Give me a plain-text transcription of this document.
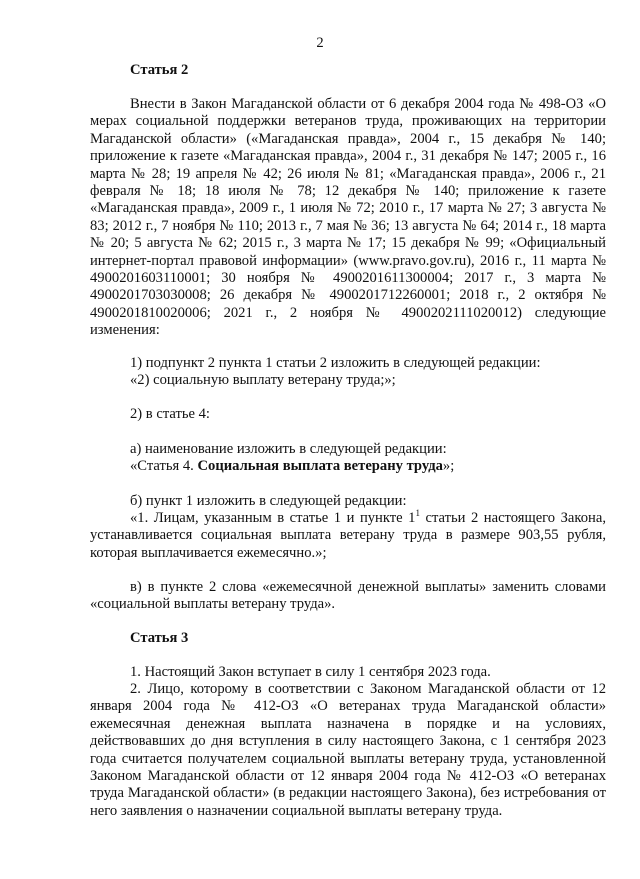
2
Статья 2
Внести в Закон Магаданской области от 6 декабря 2004 года № 498-ОЗ «О мерах социальной поддержки ветеранов труда, проживающих на территории Магаданской области» («Магаданская правда», 2004 г., 15 декабря № 140; приложение к газете «Магаданская правда», 2004 г., 31 декабря № 147; 2005 г., 16 марта № 28; 19 апреля № 42; 26 июля № 81; «Магаданская правда», 2006 г., 21 февраля № 18; 18 июля № 78; 12 декабря № 140; приложение к газете «Магаданская правда», 2009 г., 1 июля № 72; 2010 г., 17 марта № 27; 3 августа № 83; 2012 г., 7 ноября № 110; 2013 г., 7 мая № 36; 13 августа № 64; 2014 г., 18 марта № 20; 5 августа № 62; 2015 г., 3 марта № 17; 15 декабря № 99; «Официальный интернет-портал правовой информации» (www.pravo.gov.ru), 2016 г., 11 марта № 4900201603110001; 30 ноября № 4900201611300004; 2017 г., 3 марта № 4900201703030008; 26 декабря № 4900201712260001; 2018 г., 2 октября № 4900201810020006; 2021 г., 2 ноября № 4900202111020012) следующие изменения:
1) подпункт 2 пункта 1 статьи 2 изложить в следующей редакции:
«2) социальную выплату ветерану труда;»;
2) в статье 4:
а) наименование изложить в следующей редакции:
«Статья 4. Социальная выплата ветерану труда»;
б) пункт 1 изложить в следующей редакции:
«1. Лицам, указанным в статье 1 и пункте $1^1$ статьи 2 настоящего Закона, устанавливается социальная выплата ветерану труда в размере 903,55 рубля, которая выплачивается ежемесячно.»;
в) в пункте 2 слова «ежемесячной денежной выплаты» заменить словами «социальной выплаты ветерану труда».
Статья 3
1. Настоящий Закон вступает в силу 1 сентября 2023 года.
2. Лицо, которому в соответствии с Законом Магаданской области от 12 января 2004 года № 412-ОЗ «О ветеранах труда Магаданской области» ежемесячная денежная выплата назначена в порядке и на условиях, действовавших до дня вступления в силу настоящего Закона, с 1 сентября 2023 года считается получателем социальной выплаты ветерану труда, установленной Законом Магаданской области от 12 января 2004 года № 412-ОЗ «О ветеранах труда Магаданской области» (в редакции настоящего Закона), без истребования от него заявления о назначении социальной выплаты ветерану труда.
